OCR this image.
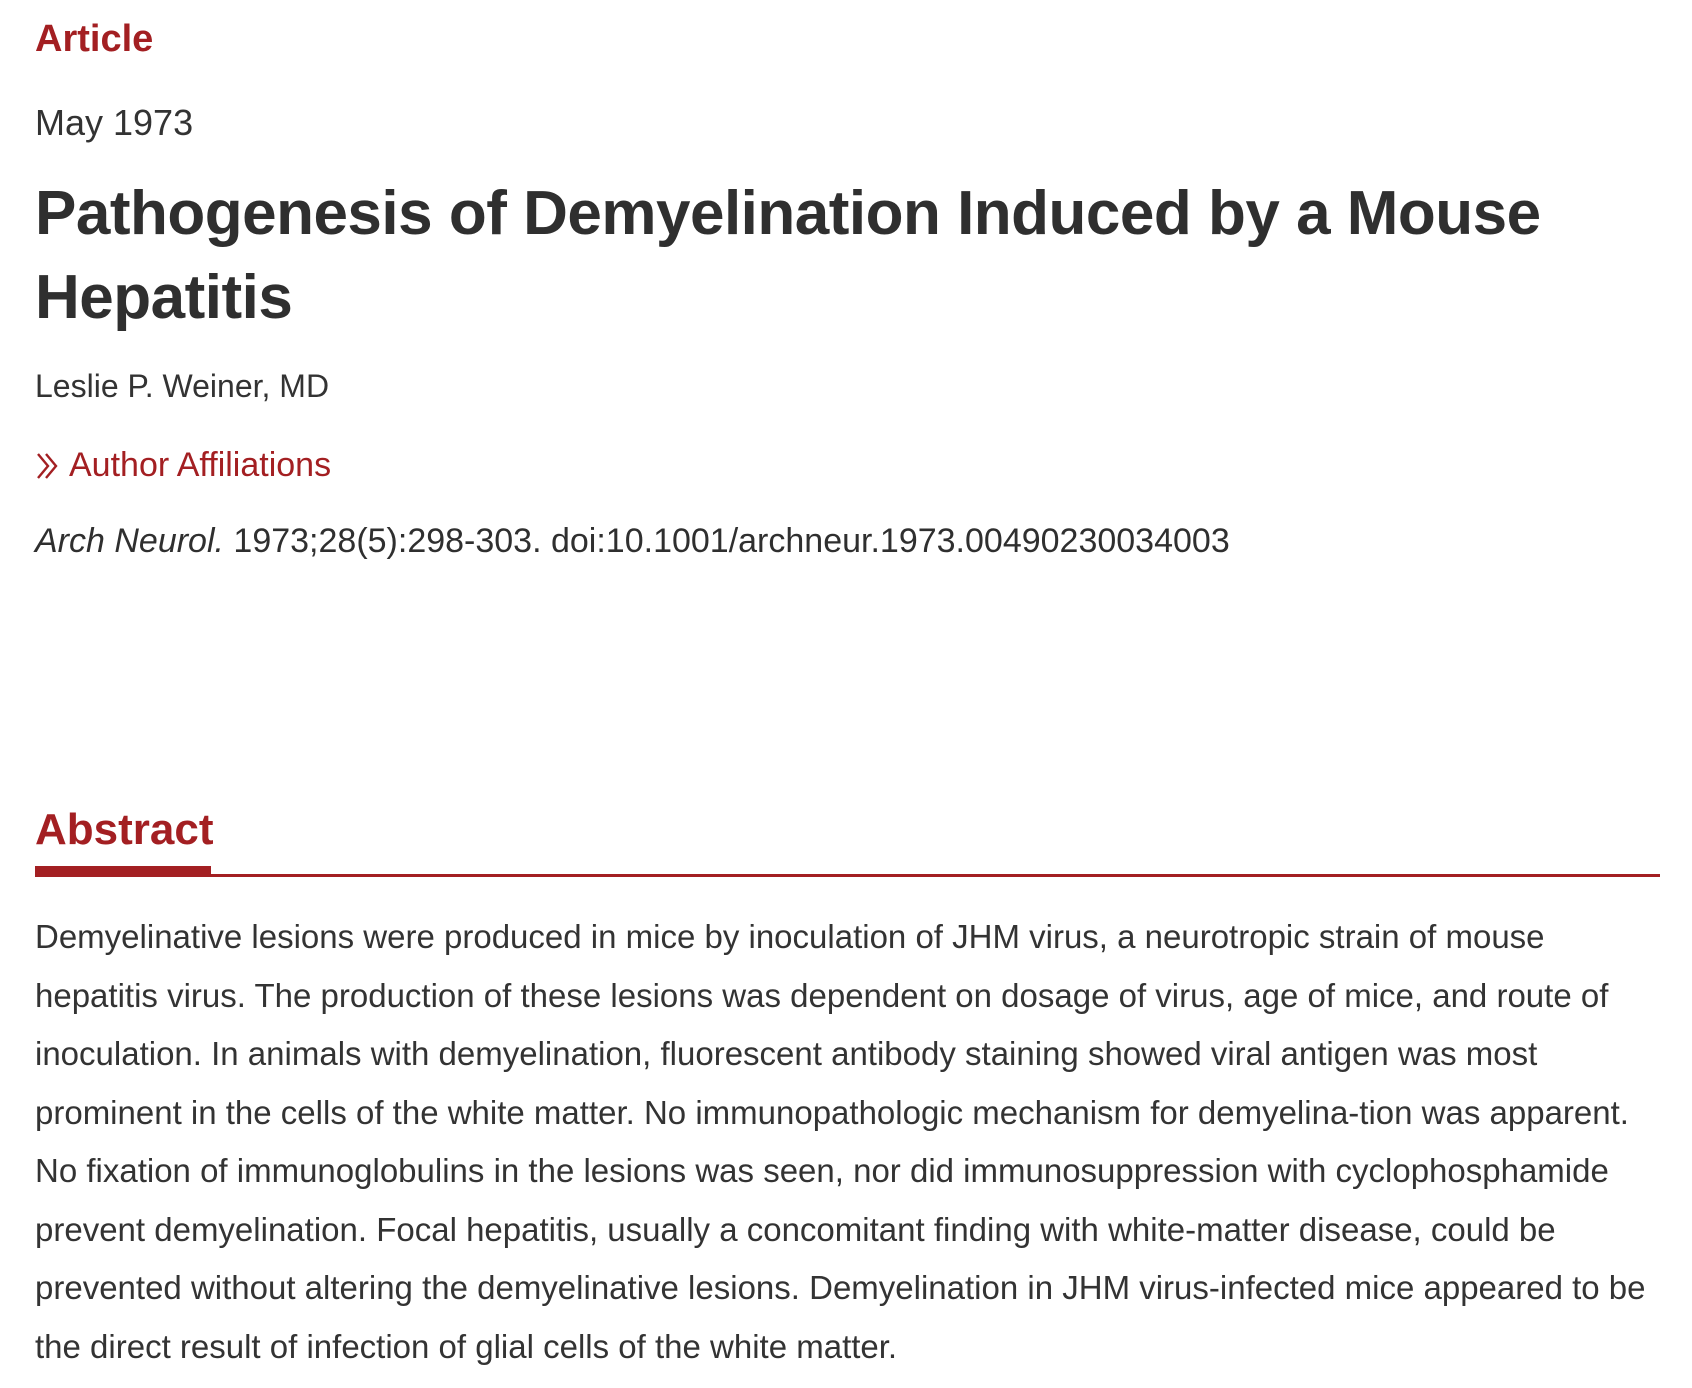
Article
May 1973
Pathogenesis of Demyelination Induced by a Mouse Hepatitis
Leslie P. Weiner, MD
Author Affiliations
Arch Neurol. 1973;28(5):298-303. doi:10.1001/archneur.1973.00490230034003
Abstract

Demyelinative lesions were produced in mice by inoculation of JHM virus, a neurotropic strain of mouse hepatitis virus. The production of these lesions was dependent on dosage of virus, age of mice, and route of inoculation. In animals with demyelination, fluorescent antibody staining showed viral antigen was most prominent in the cells of the white matter. No immunopathologic mechanism for demyelina-tion was apparent. No fixation of immunoglobulins in the lesions was seen, nor did immunosuppression with cyclophosphamide prevent demyelination. Focal hepatitis, usually a concomitant finding with white-matter disease, could be prevented without altering the demyelinative lesions. Demyelination in JHM virus-infected mice appeared to be the direct result of infection of glial cells of the white matter.
